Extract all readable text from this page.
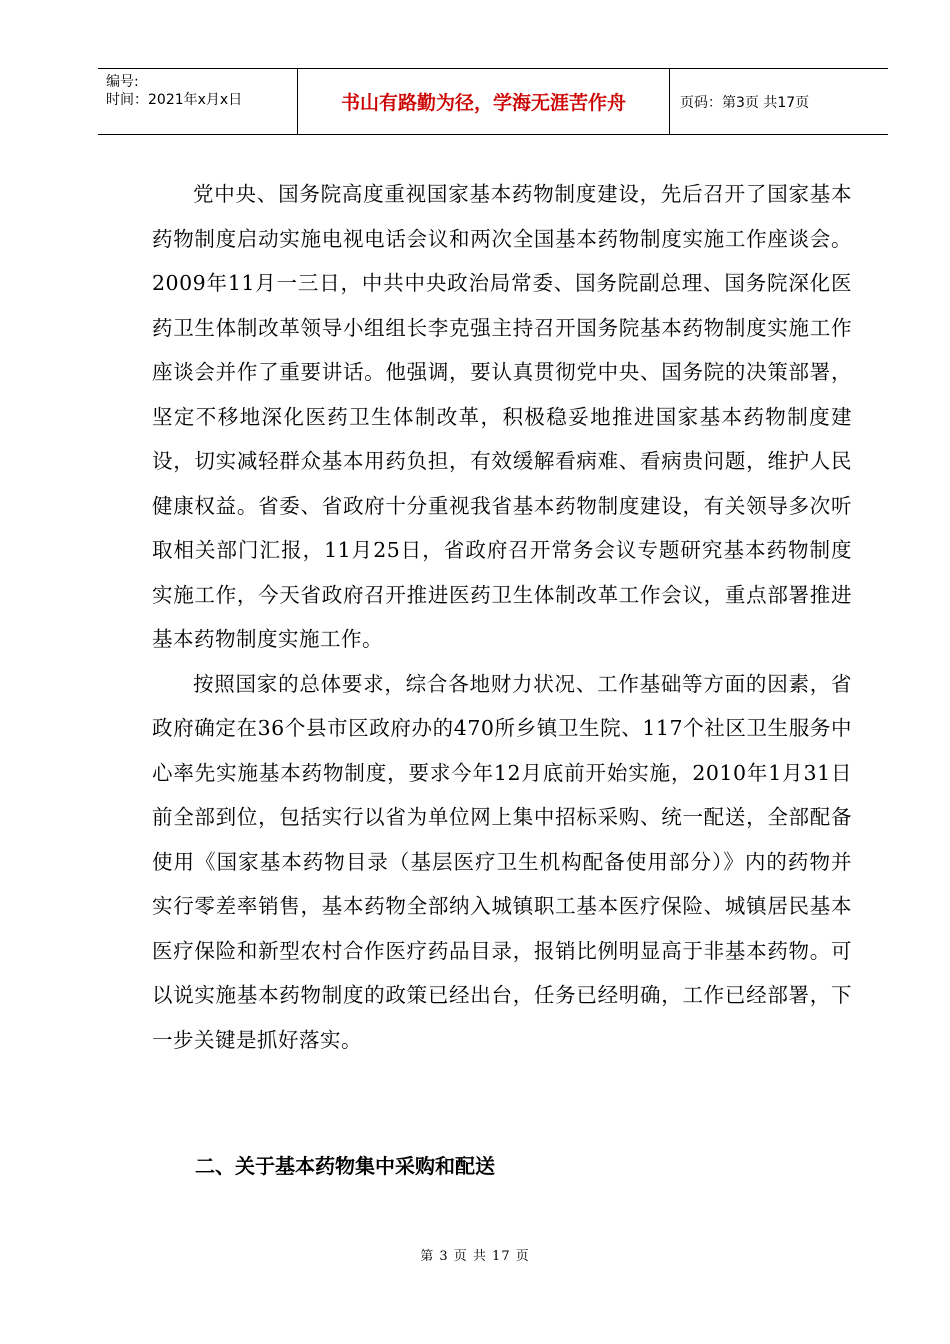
编号:
时间：2021年x月x日	书山有路勤为径，学海无涯苦作舟	页码：第3页 共17页

党中央、国务院高度重视国家基本药物制度建设，先后召开了国家基本药物制度启动实施电视电话会议和两次全国基本药物制度实施工作座谈会。2009年11月一三日，中共中央政治局常委、国务院副总理、国务院深化医药卫生体制改革领导小组组长李克强主持召开国务院基本药物制度实施工作座谈会并作了重要讲话。他强调，要认真贯彻党中央、国务院的决策部署，坚定不移地深化医药卫生体制改革，积极稳妥地推进国家基本药物制度建设，切实减轻群众基本用药负担，有效缓解看病难、看病贵问题，维护人民健康权益。省委、省政府十分重视我省基本药物制度建设，有关领导多次听取相关部门汇报，11月25日，省政府召开常务会议专题研究基本药物制度实施工作，今天省政府召开推进医药卫生体制改革工作会议，重点部署推进基本药物制度实施工作。

按照国家的总体要求，综合各地财力状况、工作基础等方面的因素，省政府确定在36个县市区政府办的470所乡镇卫生院、117个社区卫生服务中心率先实施基本药物制度，要求今年12月底前开始实施，2010年1月31日前全部到位，包括实行以省为单位网上集中招标采购、统一配送，全部配备使用《国家基本药物目录（基层医疗卫生机构配备使用部分）》内的药物并实行零差率销售，基本药物全部纳入城镇职工基本医疗保险、城镇居民基本医疗保险和新型农村合作医疗药品目录，报销比例明显高于非基本药物。可以说实施基本药物制度的政策已经出台，任务已经明确，工作已经部署，下一步关键是抓好落实。

二、关于基本药物集中采购和配送
第 3 页 共 17 页
